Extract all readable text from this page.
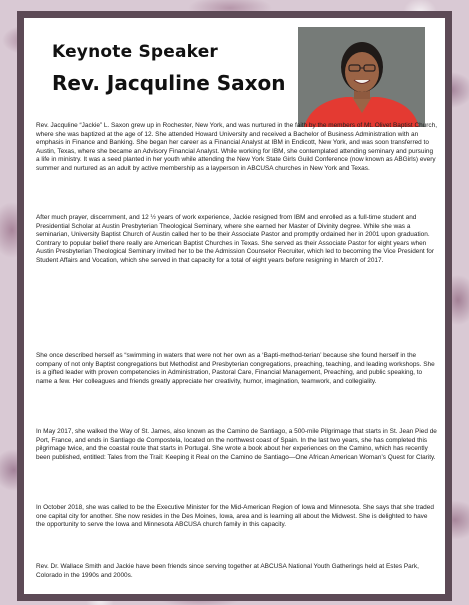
Keynote Speaker
Rev. Jacquline Saxon

Rev. Jacquline “Jackie” L. Saxon grew up in Rochester, New York, and was nurtured in the faith by the members of Mt. Olivet Baptist Church, where she was baptized at the age of 12. She attended Howard University and received a Bachelor of Business Administration with an emphasis in Finance and Banking. She began her career as a Financial Analyst at IBM in Endicott, New York, and was soon transferred to Austin, Texas, where she became an Advisory Financial Analyst. While working for IBM, she contemplated attending seminary and pursuing a life in ministry. It was a seed planted in her youth while attending the New York State Girls Guild Conference (now known as ABGirls) every summer and nurtured as an adult by active membership as a layperson in ABCUSA churches in New York and Texas.

After much prayer, discernment, and 12 ½ years of work experience, Jackie resigned from IBM and enrolled as a full-time student and Presidential Scholar at Austin Presbyterian Theological Seminary, where she earned her Master of Divinity degree. While she was a seminarian, University Baptist Church of Austin called her to be their Associate Pastor and promptly ordained her in 2001 upon graduation. Contrary to popular belief there really are American Baptist Churches in Texas. She served as their Associate Pastor for eight years when Austin Presbyterian Theological Seminary invited her to be the Admission Counselor Recruiter, which led to becoming the Vice President for Student Affairs and Vocation, which she served in that capacity for a total of eight years before resigning in March of 2017.

She once described herself as “swimming in waters that were not her own as a ‘Bapti-method-terian’ because she found herself in the company of not only Baptist congregations but Methodist and Presbyterian congregations, preaching, teaching, and leading workshops. She is a gifted leader with proven competencies in Administration, Pastoral Care, Financial Management, Preaching, and public speaking, to name a few. Her colleagues and friends greatly appreciate her creativity, humor, imagination, teamwork, and collegiality.

In May 2017, she walked the Way of St. James, also known as the Camino de Santiago, a 500-mile Pilgrimage that starts in St. Jean Pied de Port, France, and ends in Santiago de Compostela, located on the northwest coast of Spain. In the last two years, she has completed this pilgrimage twice, and the coastal route that starts in Portugal. She wrote a book about her experiences on the Camino, which has recently been published, entitled: Tales from the Trail: Keeping it Real on the Camino de Santiago—One African American Woman’s Quest for Clarity.

In October 2018, she was called to be the Executive Minister for the Mid-American Region of Iowa and Minnesota. She says that she traded one capital city for another. She now resides in the Des Moines, Iowa, area and is learning all about the Midwest. She is delighted to have the opportunity to serve the Iowa and Minnesota ABCUSA church family in this capacity.

Rev. Dr. Wallace Smith and Jackie have been friends since serving together at ABCUSA National Youth Gatherings held at Estes Park, Colorado in the 1990s and 2000s.
